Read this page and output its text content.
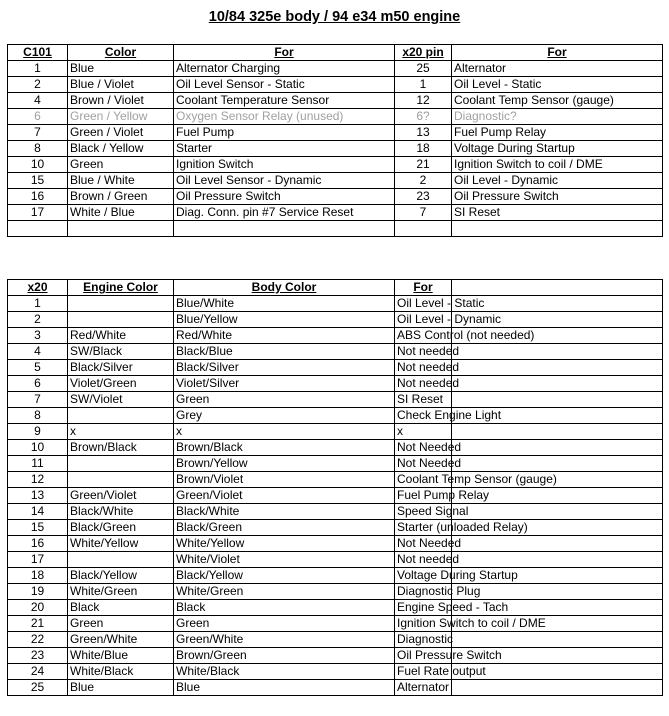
10/84 325e body / 94 e34 m50 engine
C101	Color	For	x20 pin	For
1	Blue	Alternator Charging	25	Alternator
2	Blue / Violet	Oil Level Sensor - Static	1	Oil Level - Static
4	Brown / Violet	Coolant Temperature Sensor	12	Coolant Temp Sensor (gauge)
6	Green / Yellow	Oxygen Sensor Relay (unused)	6?	Diagnostic?
7	Green / Violet	Fuel Pump	13	Fuel Pump Relay
8	Black / Yellow	Starter	18	Voltage During Startup
10	Green	Ignition Switch	21	Ignition Switch to coil / DME
15	Blue / White	Oil Level Sensor - Dynamic	2	Oil Level - Dynamic
16	Brown / Green	Oil Pressure Switch	23	Oil Pressure Switch
17	White / Blue	Diag. Conn. pin #7 Service Reset	7	SI Reset

x20	Engine Color	Body Color	For	
1		Blue/White	Oil Level - Static	
2		Blue/Yellow	Oil Level - Dynamic	
3	Red/White	Red/White	ABS Control (not needed)	
4	SW/Black	Black/Blue	Not needed	
5	Black/Silver	Black/Silver	Not needed	
6	Violet/Green	Violet/Silver	Not needed	
7	SW/Violet	Green	SI Reset	
8		Grey	Check Engine Light	
9	x	x	x	
10	Brown/Black	Brown/Black	Not Needed	
11		Brown/Yellow	Not Needed	
12		Brown/Violet	Coolant Temp Sensor (gauge)	
13	Green/Violet	Green/Violet	Fuel Pump Relay	
14	Black/White	Black/White	Speed Signal	
15	Black/Green	Black/Green	Starter (unloaded Relay)	
16	White/Yellow	White/Yellow	Not Needed	
17		White/Violet	Not needed	
18	Black/Yellow	Black/Yellow	Voltage During Startup	
19	White/Green	White/Green	Diagnostic Plug	
20	Black	Black	Engine Speed - Tach	
21	Green	Green	Ignition Switch to coil / DME	
22	Green/White	Green/White	Diagnostic	
23	White/Blue	Brown/Green	Oil Pressure Switch	
24	White/Black	White/Black	Fuel Rate output	
25	Blue	Blue	Alternator	
